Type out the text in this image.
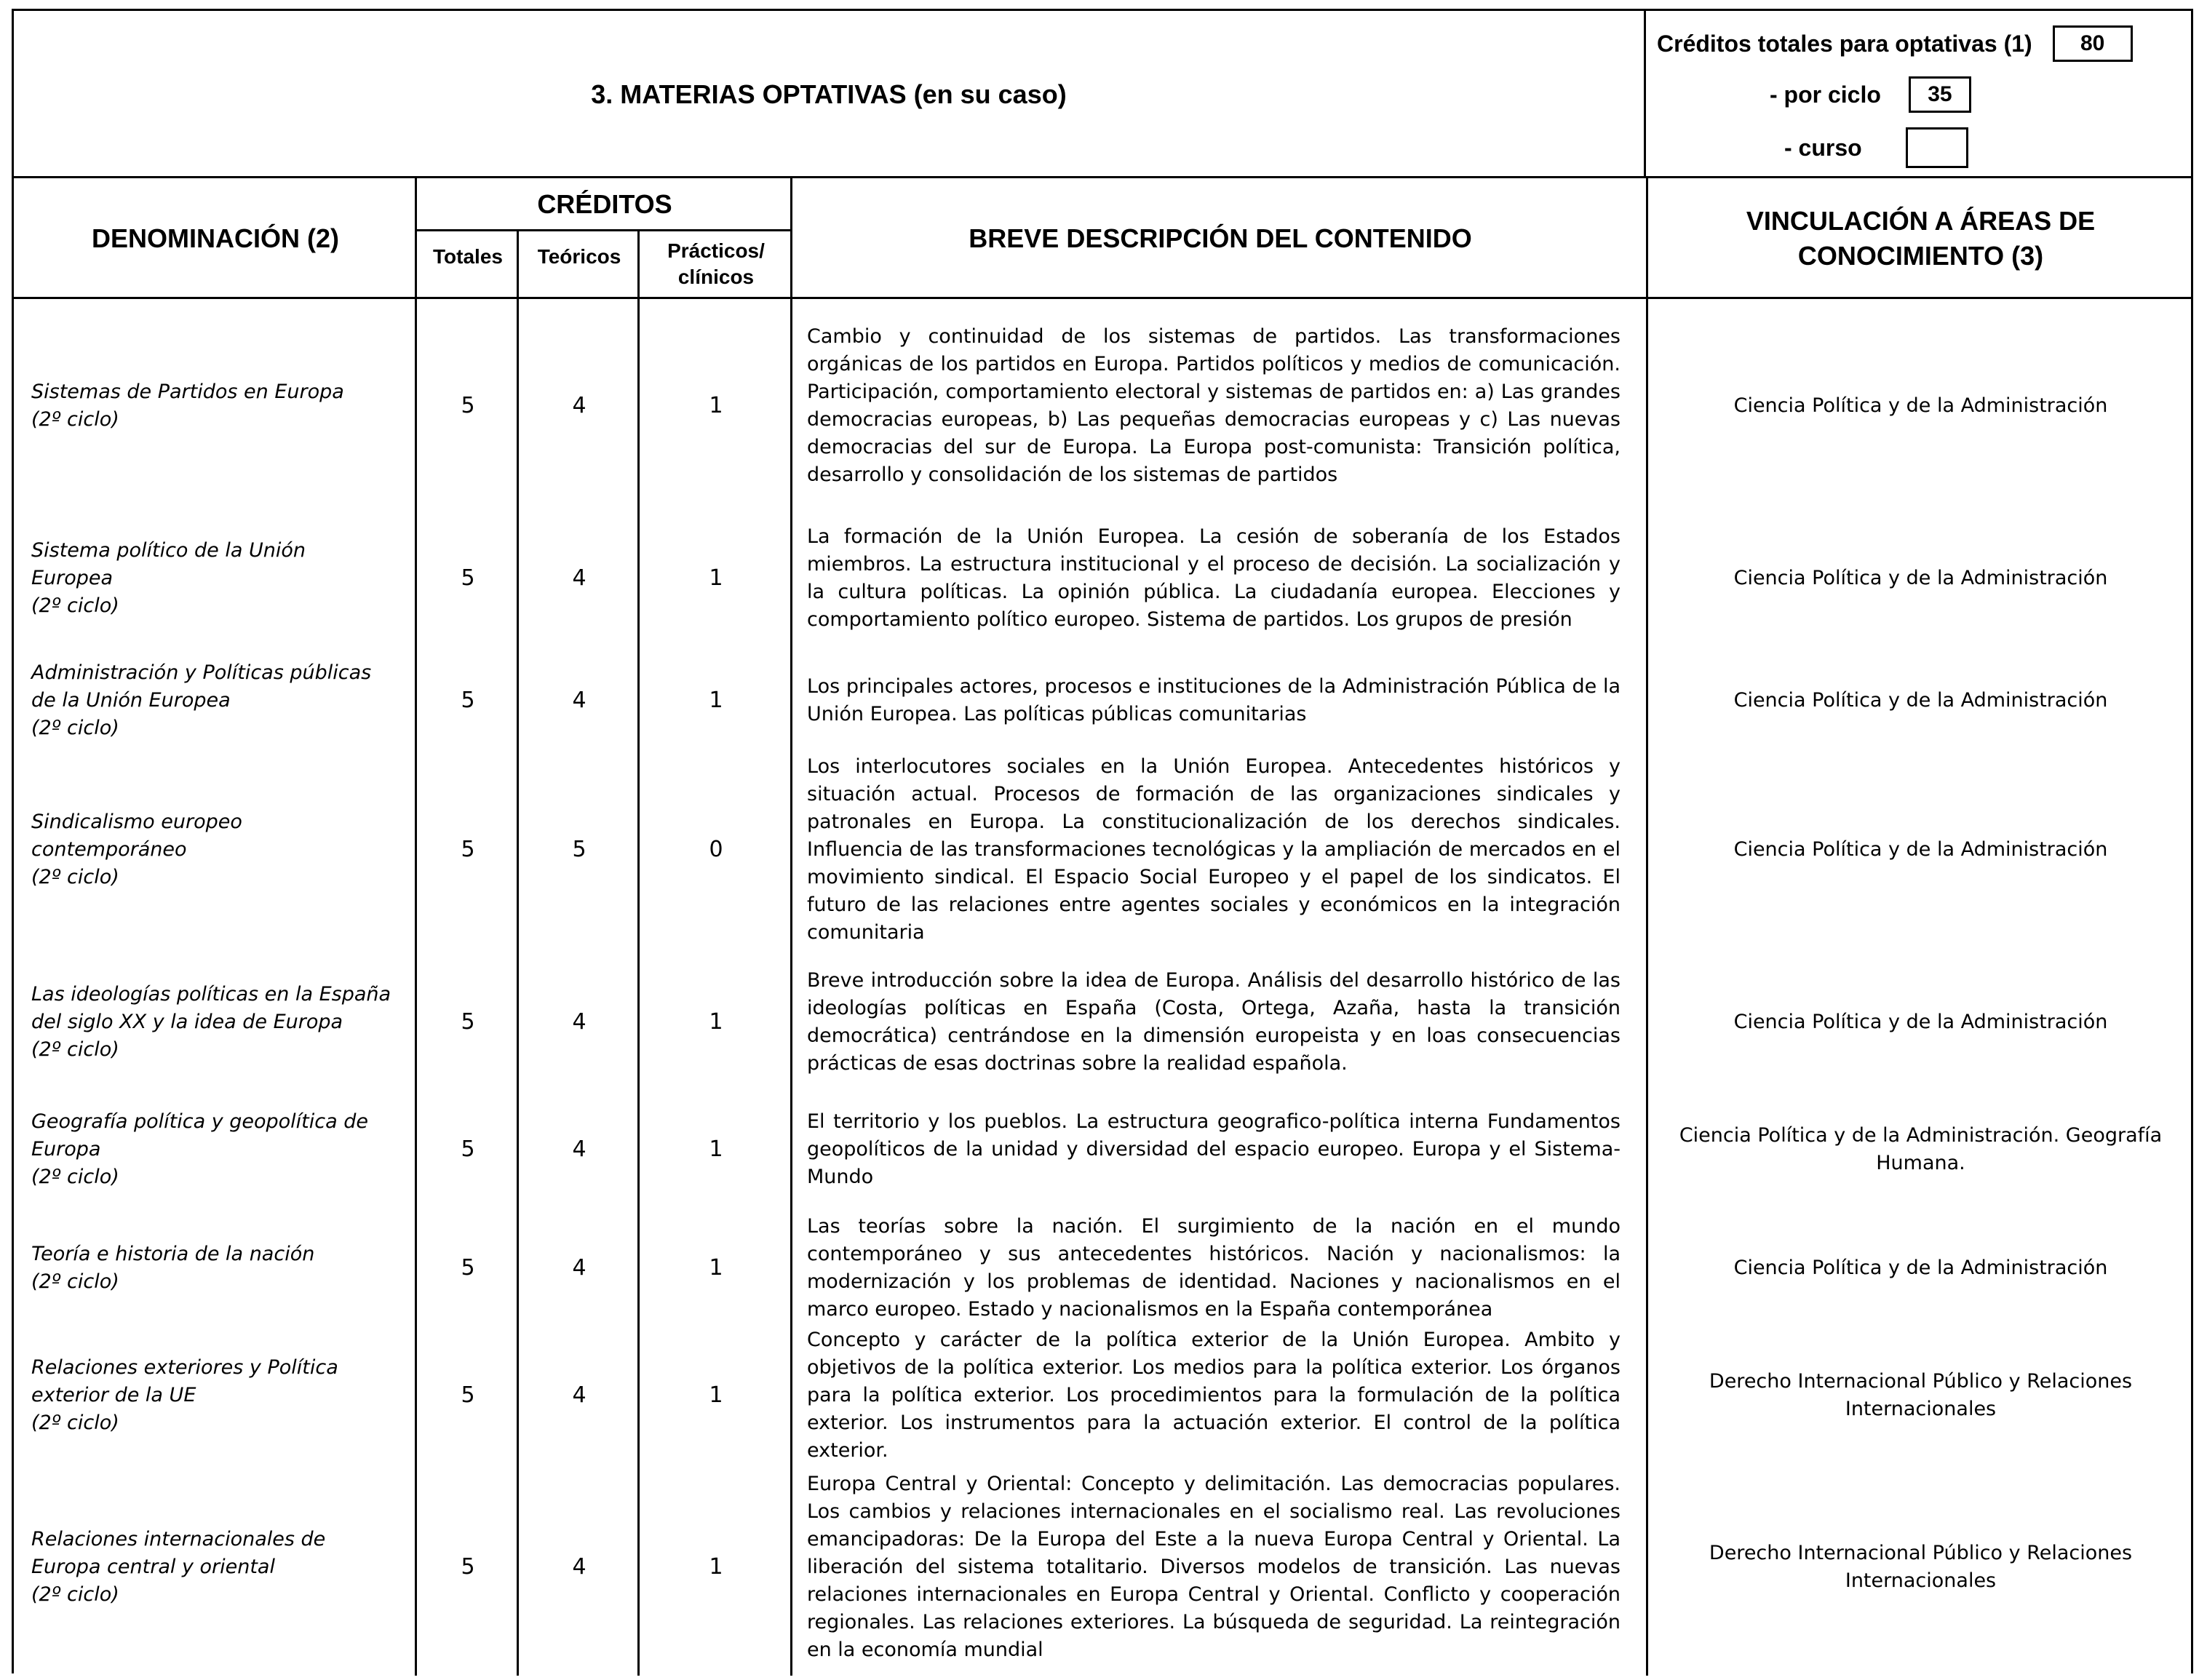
3. MATERIAS OPTATIVAS (en su caso)
Créditos totales para optativas (1)	80
- por ciclo	35
- curso
DENOMINACIÓN (2)
CRÉDITOS
Totales	Teóricos	Prácticos/
clínicos
BREVE DESCRIPCIÓN DEL CONTENIDO
VINCULACIÓN A ÁREAS DE
CONOCIMIENTO (3)
Sistemas de Partidos en Europa
(2º ciclo)
5	4	1
Cambio y continuidad de los sistemas de partidos. Las transformaciones orgánicas de los partidos en Europa. Partidos políticos y medios de comunicación. Participación, comportamiento electoral y sistemas de partidos en: a) Las grandes democracias europeas, b) Las pequeñas democracias europeas y c) Las nuevas democracias del sur de Europa. La Europa post-comunista: Transición política, desarrollo y consolidación de los sistemas de partidos
Ciencia Política y de la Administración
Sistema político de la Unión
Europea
(2º ciclo)
5	4	1
La formación de la Unión Europea. La cesión de soberanía de los Estados miembros. La estructura institucional y el proceso de decisión. La socialización y la cultura políticas. La opinión pública. La ciudadanía europea. Elecciones y comportamiento político europeo. Sistema de partidos. Los grupos de presión
Ciencia Política y de la Administración
Administración y Políticas públicas
de la Unión Europea
(2º ciclo)
5	4	1
Los principales actores, procesos e instituciones de la Administración Pública de la Unión Europea. Las políticas públicas comunitarias
Ciencia Política y de la Administración
Sindicalismo europeo
contemporáneo
(2º ciclo)
5	5	0
Los interlocutores sociales en la Unión Europea. Antecedentes históricos y situación actual. Procesos de formación de las organizaciones sindicales y patronales en Europa. La constitucionalización de los derechos sindicales. Influencia de las transformaciones tecnológicas y la ampliación de mercados en el movimiento sindical. El Espacio Social Europeo y el papel de los sindicatos. El futuro de las relaciones entre agentes sociales y económicos en la integración comunitaria
Ciencia Política y de la Administración
Las ideologías políticas en la España
del siglo XX y la idea de Europa
(2º ciclo)
5	4	1
Breve introducción sobre la idea de Europa. Análisis del desarrollo histórico de las ideologías políticas en España (Costa, Ortega, Azaña, hasta la transición democrática) centrándose en la dimensión europeista y en loas consecuencias prácticas de esas doctrinas sobre la realidad española.
Ciencia Política y de la Administración
Geografía política y geopolítica de
Europa
(2º ciclo)
5	4	1
El territorio y los pueblos. La estructura geografico-política interna Fundamentos geopolíticos de la unidad y diversidad del espacio europeo. Europa y el Sistema-Mundo
Ciencia Política y de la Administración. Geografía Humana.
Teoría e historia de la nación
(2º ciclo)
5	4	1
Las teorías sobre la nación. El surgimiento de la nación en el mundo contemporáneo y sus antecedentes históricos. Nación y nacionalismos: la modernización y los problemas de identidad. Naciones y nacionalismos en el marco europeo. Estado y nacionalismos en la España contemporánea
Ciencia Política y de la Administración
Relaciones exteriores y Política
exterior de la UE
(2º ciclo)
5	4	1
Concepto y carácter de la política exterior de la Unión Europea. Ambito y objetivos de la política exterior. Los medios para la política exterior. Los órganos para la política exterior. Los procedimientos para la formulación de la política exterior. Los instrumentos para la actuación exterior. El control de la política exterior.
Derecho Internacional Público y Relaciones Internacionales
Relaciones internacionales de
Europa central y oriental
(2º ciclo)
5	4	1
Europa Central y Oriental: Concepto y delimitación. Las democracias populares. Los cambios y relaciones internacionales en el socialismo real. Las revoluciones emancipadoras: De la Europa del Este a la nueva Europa Central y Oriental. La liberación del sistema totalitario. Diversos modelos de transición. Las nuevas relaciones internacionales en Europa Central y Oriental. Conflicto y cooperación regionales. Las relaciones exteriores. La búsqueda de seguridad. La reintegración en la economía mundial
Derecho Internacional Público y Relaciones Internacionales
